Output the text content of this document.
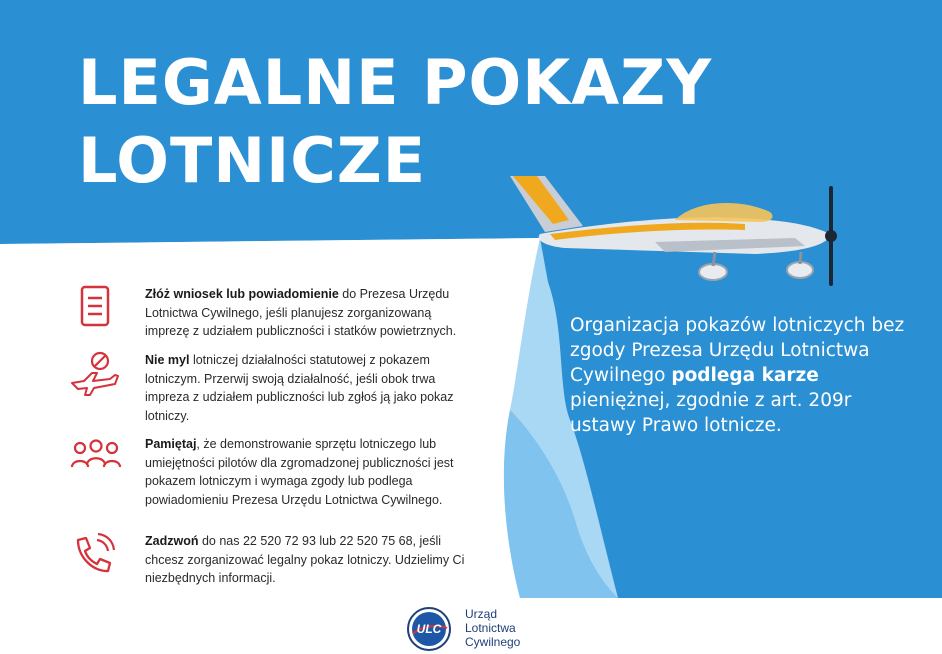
LEGALNE POKAZY
LOTNICZE
Złóż wniosek lub powiadomienie do Prezesa Urzędu Lotnictwa Cywilnego, jeśli planujesz zorganizowaną imprezę z udziałem publiczności i statków powietrznych.
Nie myl lotniczej działalności statutowej z pokazem lotniczym. Przerwij swoją działalność, jeśli obok trwa impreza z udziałem publiczności lub zgłoś ją jako pokaz lotniczy.
Pamiętaj, że demonstrowanie sprzętu lotniczego lub umiejętności pilotów dla zgromadzonej publiczności jest pokazem lotniczym i wymaga zgody lub podlega powiadomieniu Prezesa Urzędu Lotnictwa Cywilnego.
Zadzwoń do nas 22 520 72 93 lub 22 520 75 68, jeśli chcesz zorganizować legalny pokaz lotniczy. Udzielimy Ci niezbędnych informacji.

Organizacja pokazów lotniczych bez zgody Prezesa Urzędu Lotnictwa Cywilnego podlega karze pieniężnej, zgodnie z art. 209r ustawy Prawo lotnicze.

ULC
Urząd
Lotnictwa
Cywilnego
